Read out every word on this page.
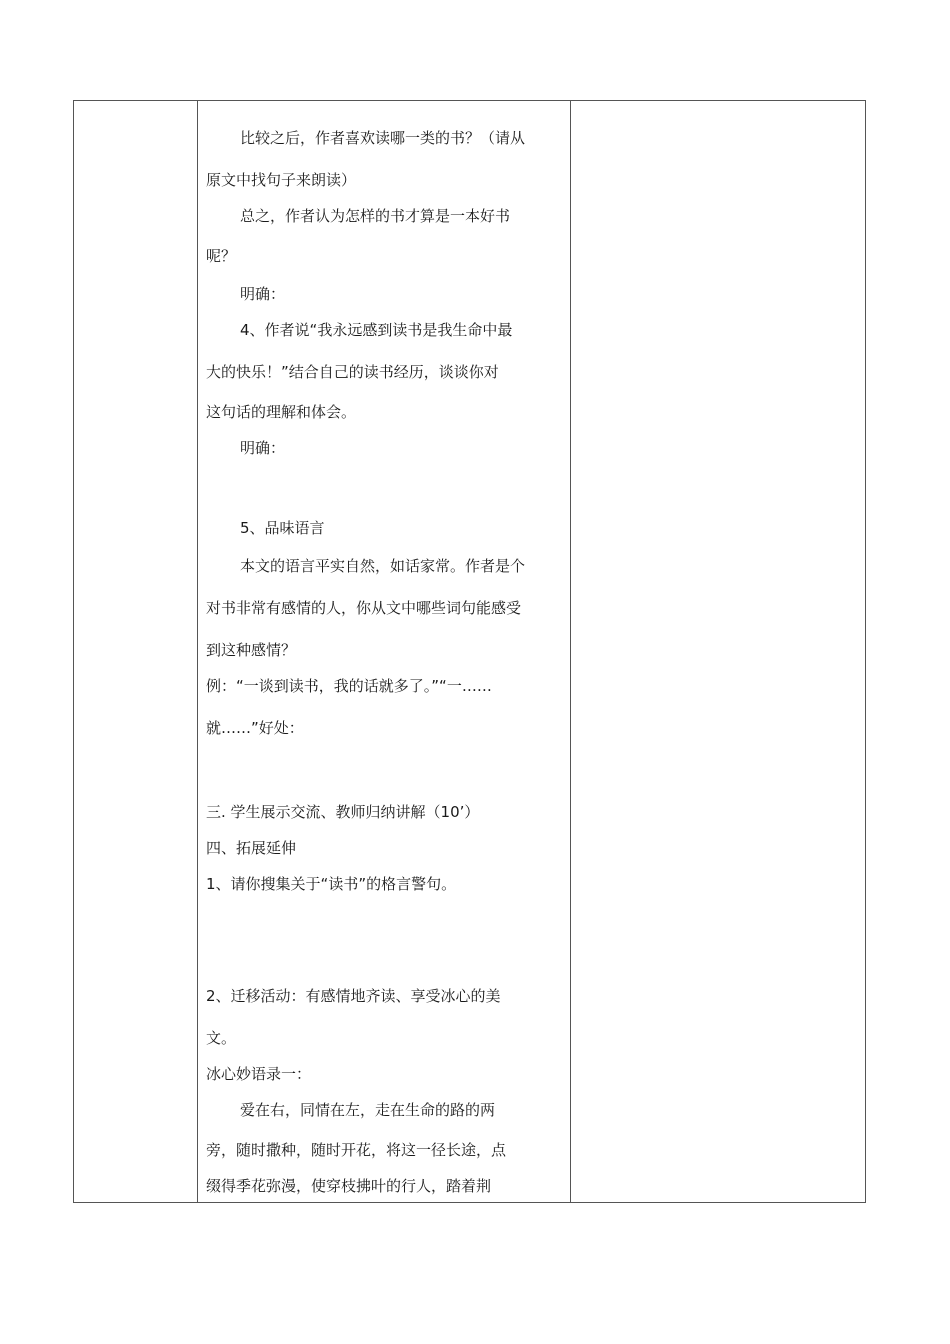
比较之后，作者喜欢读哪一类的书？（请从
原文中找句子来朗读）
总之，作者认为怎样的书才算是一本好书
呢？
明确：
4、作者说“我永远感到读书是我生命中最
大的快乐！”结合自己的读书经历，谈谈你对
这句话的理解和体会。
明确：
5、品味语言
本文的语言平实自然，如话家常。作者是个
对书非常有感情的人，你从文中哪些词句能感受
到这种感情？
例：“一谈到读书，我的话就多了。”“一……
就……”好处：
三. 学生展示交流、教师归纳讲解（10’）
四、拓展延伸
1、请你搜集关于“读书”的格言警句。
2、迁移活动：有感情地齐读、享受冰心的美
文。
冰心妙语录一：
爱在右，同情在左，走在生命的路的两
旁，随时撒种，随时开花，将这一径长途，点
缀得季花弥漫，使穿枝拂叶的行人，踏着荆
